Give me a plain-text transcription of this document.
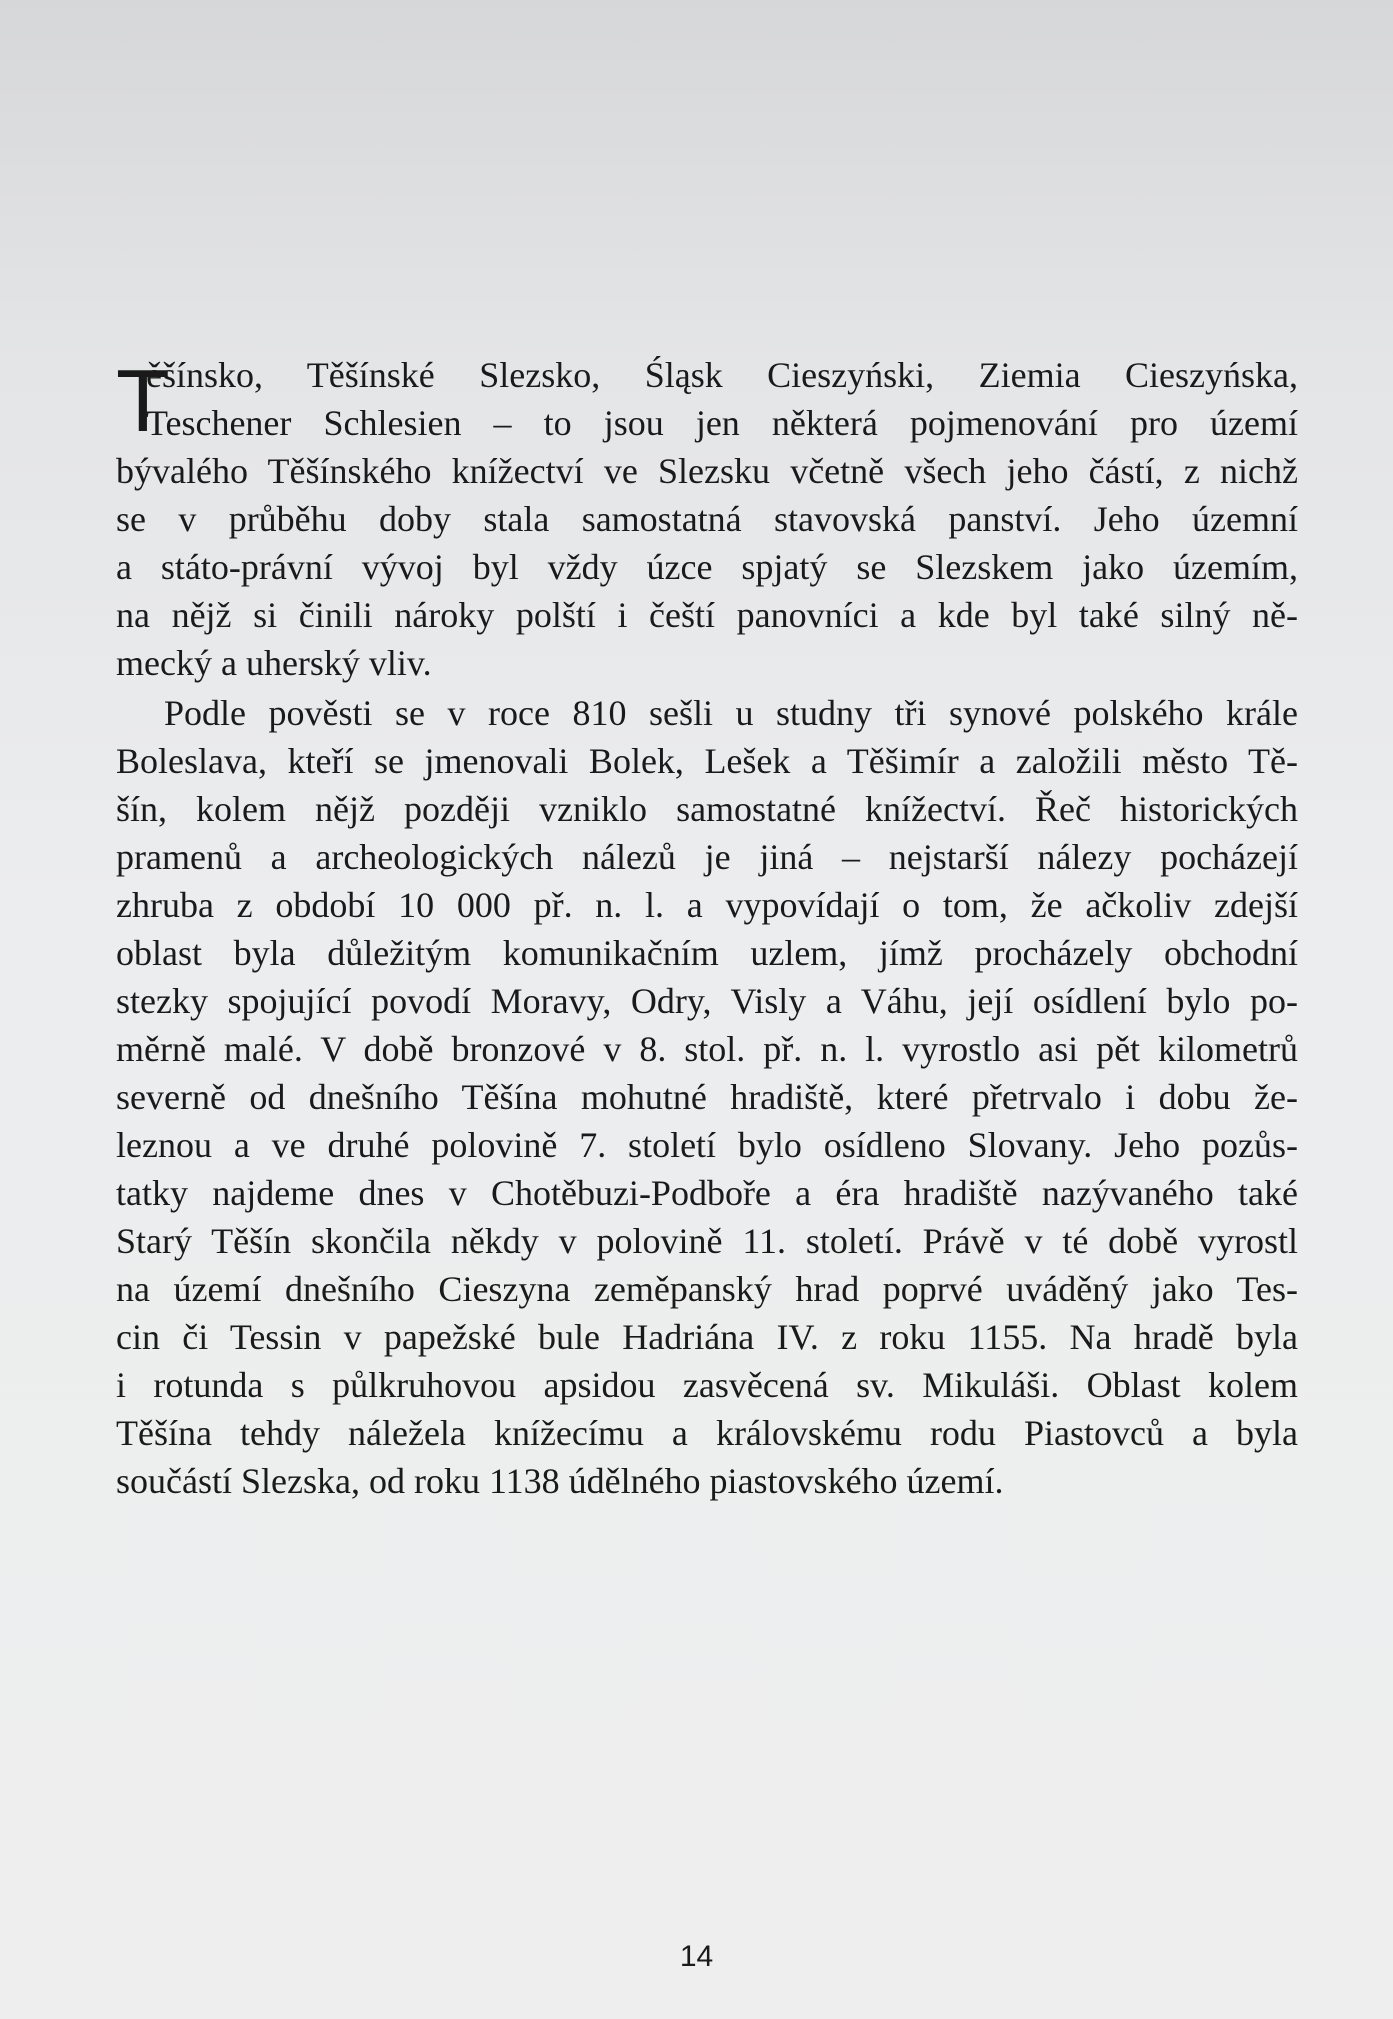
T
ěšínsko, Těšínské Slezsko, Śląsk Cieszyński, Ziemia Cieszyńska,
Teschener Schlesien – to jsou jen některá pojmenování pro území
bývalého Těšínského knížectví ve Slezsku včetně všech jeho částí, z nichž
se v průběhu doby stala samostatná stavovská panství. Jeho územní
a státo-právní vývoj byl vždy úzce spjatý se Slezskem jako územím,
na nějž si činili nároky polští i čeští panovníci a kde byl také silný ně-
mecký a uherský vliv.
Podle pověsti se v roce 810 sešli u studny tři synové polského krále
Boleslava, kteří se jmenovali Bolek, Lešek a Těšimír a založili město Tě-
šín, kolem nějž později vzniklo samostatné knížectví. Řeč historických
pramenů a archeologických nálezů je jiná – nejstarší nálezy pocházejí
zhruba z období 10 000 př. n. l. a vypovídají o tom, že ačkoliv zdejší
oblast byla důležitým komunikačním uzlem, jímž procházely obchodní
stezky spojující povodí Moravy, Odry, Visly a Váhu, její osídlení bylo po-
měrně malé. V době bronzové v 8. stol. př. n. l. vyrostlo asi pět kilometrů
severně od dnešního Těšína mohutné hradiště, které přetrvalo i dobu že-
leznou a ve druhé polovině 7. století bylo osídleno Slovany. Jeho pozůs-
tatky najdeme dnes v Chotěbuzi-Podboře a éra hradiště nazývaného také
Starý Těšín skončila někdy v polovině 11. století. Právě v té době vyrostl
na území dnešního Cieszyna zeměpanský hrad poprvé uváděný jako Tes-
cin či Tessin v papežské bule Hadriána IV. z roku 1155. Na hradě byla
i rotunda s půlkruhovou apsidou zasvěcená sv. Mikuláši. Oblast kolem
Těšína tehdy náležela knížecímu a královskému rodu Piastovců a byla
součástí Slezska, od roku 1138 údělného piastovského území.
14
